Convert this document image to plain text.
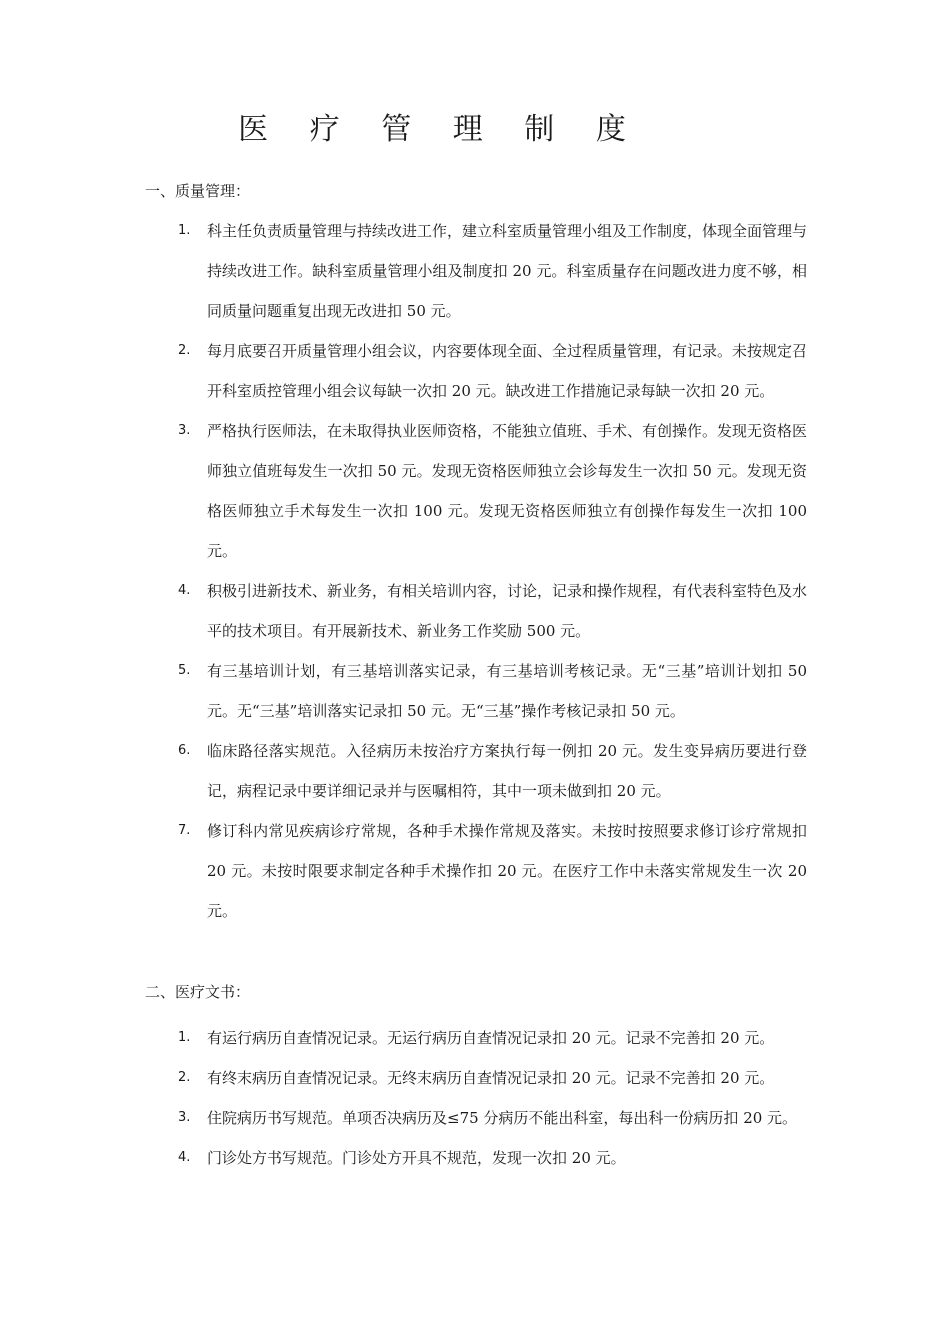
医 疗 管 理 制 度
一、质量管理：
1. 科主任负责质量管理与持续改进工作，建立科室质量管理小组及工作制度，体现全面管理与持续改进工作。缺科室质量管理小组及制度扣 20 元。科室质量存在问题改进力度不够，相同质量问题重复出现无改进扣 50 元。
2. 每月底要召开质量管理小组会议，内容要体现全面、全过程质量管理，有记录。未按规定召开科室质控管理小组会议每缺一次扣 20 元。缺改进工作措施记录每缺一次扣 20 元。
3. 严格执行医师法，在未取得执业医师资格，不能独立值班、手术、有创操作。发现无资格医师独立值班每发生一次扣 50 元。发现无资格医师独立会诊每发生一次扣 50 元。发现无资格医师独立手术每发生一次扣 100 元。发现无资格医师独立有创操作每发生一次扣 100 元。
4. 积极引进新技术、新业务，有相关培训内容，讨论，记录和操作规程，有代表科室特色及水平的技术项目。有开展新技术、新业务工作奖励 500 元。
5. 有三基培训计划，有三基培训落实记录，有三基培训考核记录。无“三基”培训计划扣 50 元。无“三基”培训落实记录扣 50 元。无“三基”操作考核记录扣 50 元。
6. 临床路径落实规范。入径病历未按治疗方案执行每一例扣 20 元。发生变异病历要进行登记，病程记录中要详细记录并与医嘱相符，其中一项未做到扣 20 元。
7. 修订科内常见疾病诊疗常规，各种手术操作常规及落实。未按时按照要求修订诊疗常规扣 20 元。未按时限要求制定各种手术操作扣 20 元。在医疗工作中未落实常规发生一次 20 元。
二、医疗文书：
1. 有运行病历自查情况记录。无运行病历自查情况记录扣 20 元。记录不完善扣 20 元。
2. 有终末病历自查情况记录。无终末病历自查情况记录扣 20 元。记录不完善扣 20 元。
3. 住院病历书写规范。单项否决病历及≤75 分病历不能出科室，每出科一份病历扣 20 元。
4. 门诊处方书写规范。门诊处方开具不规范，发现一次扣 20 元。
